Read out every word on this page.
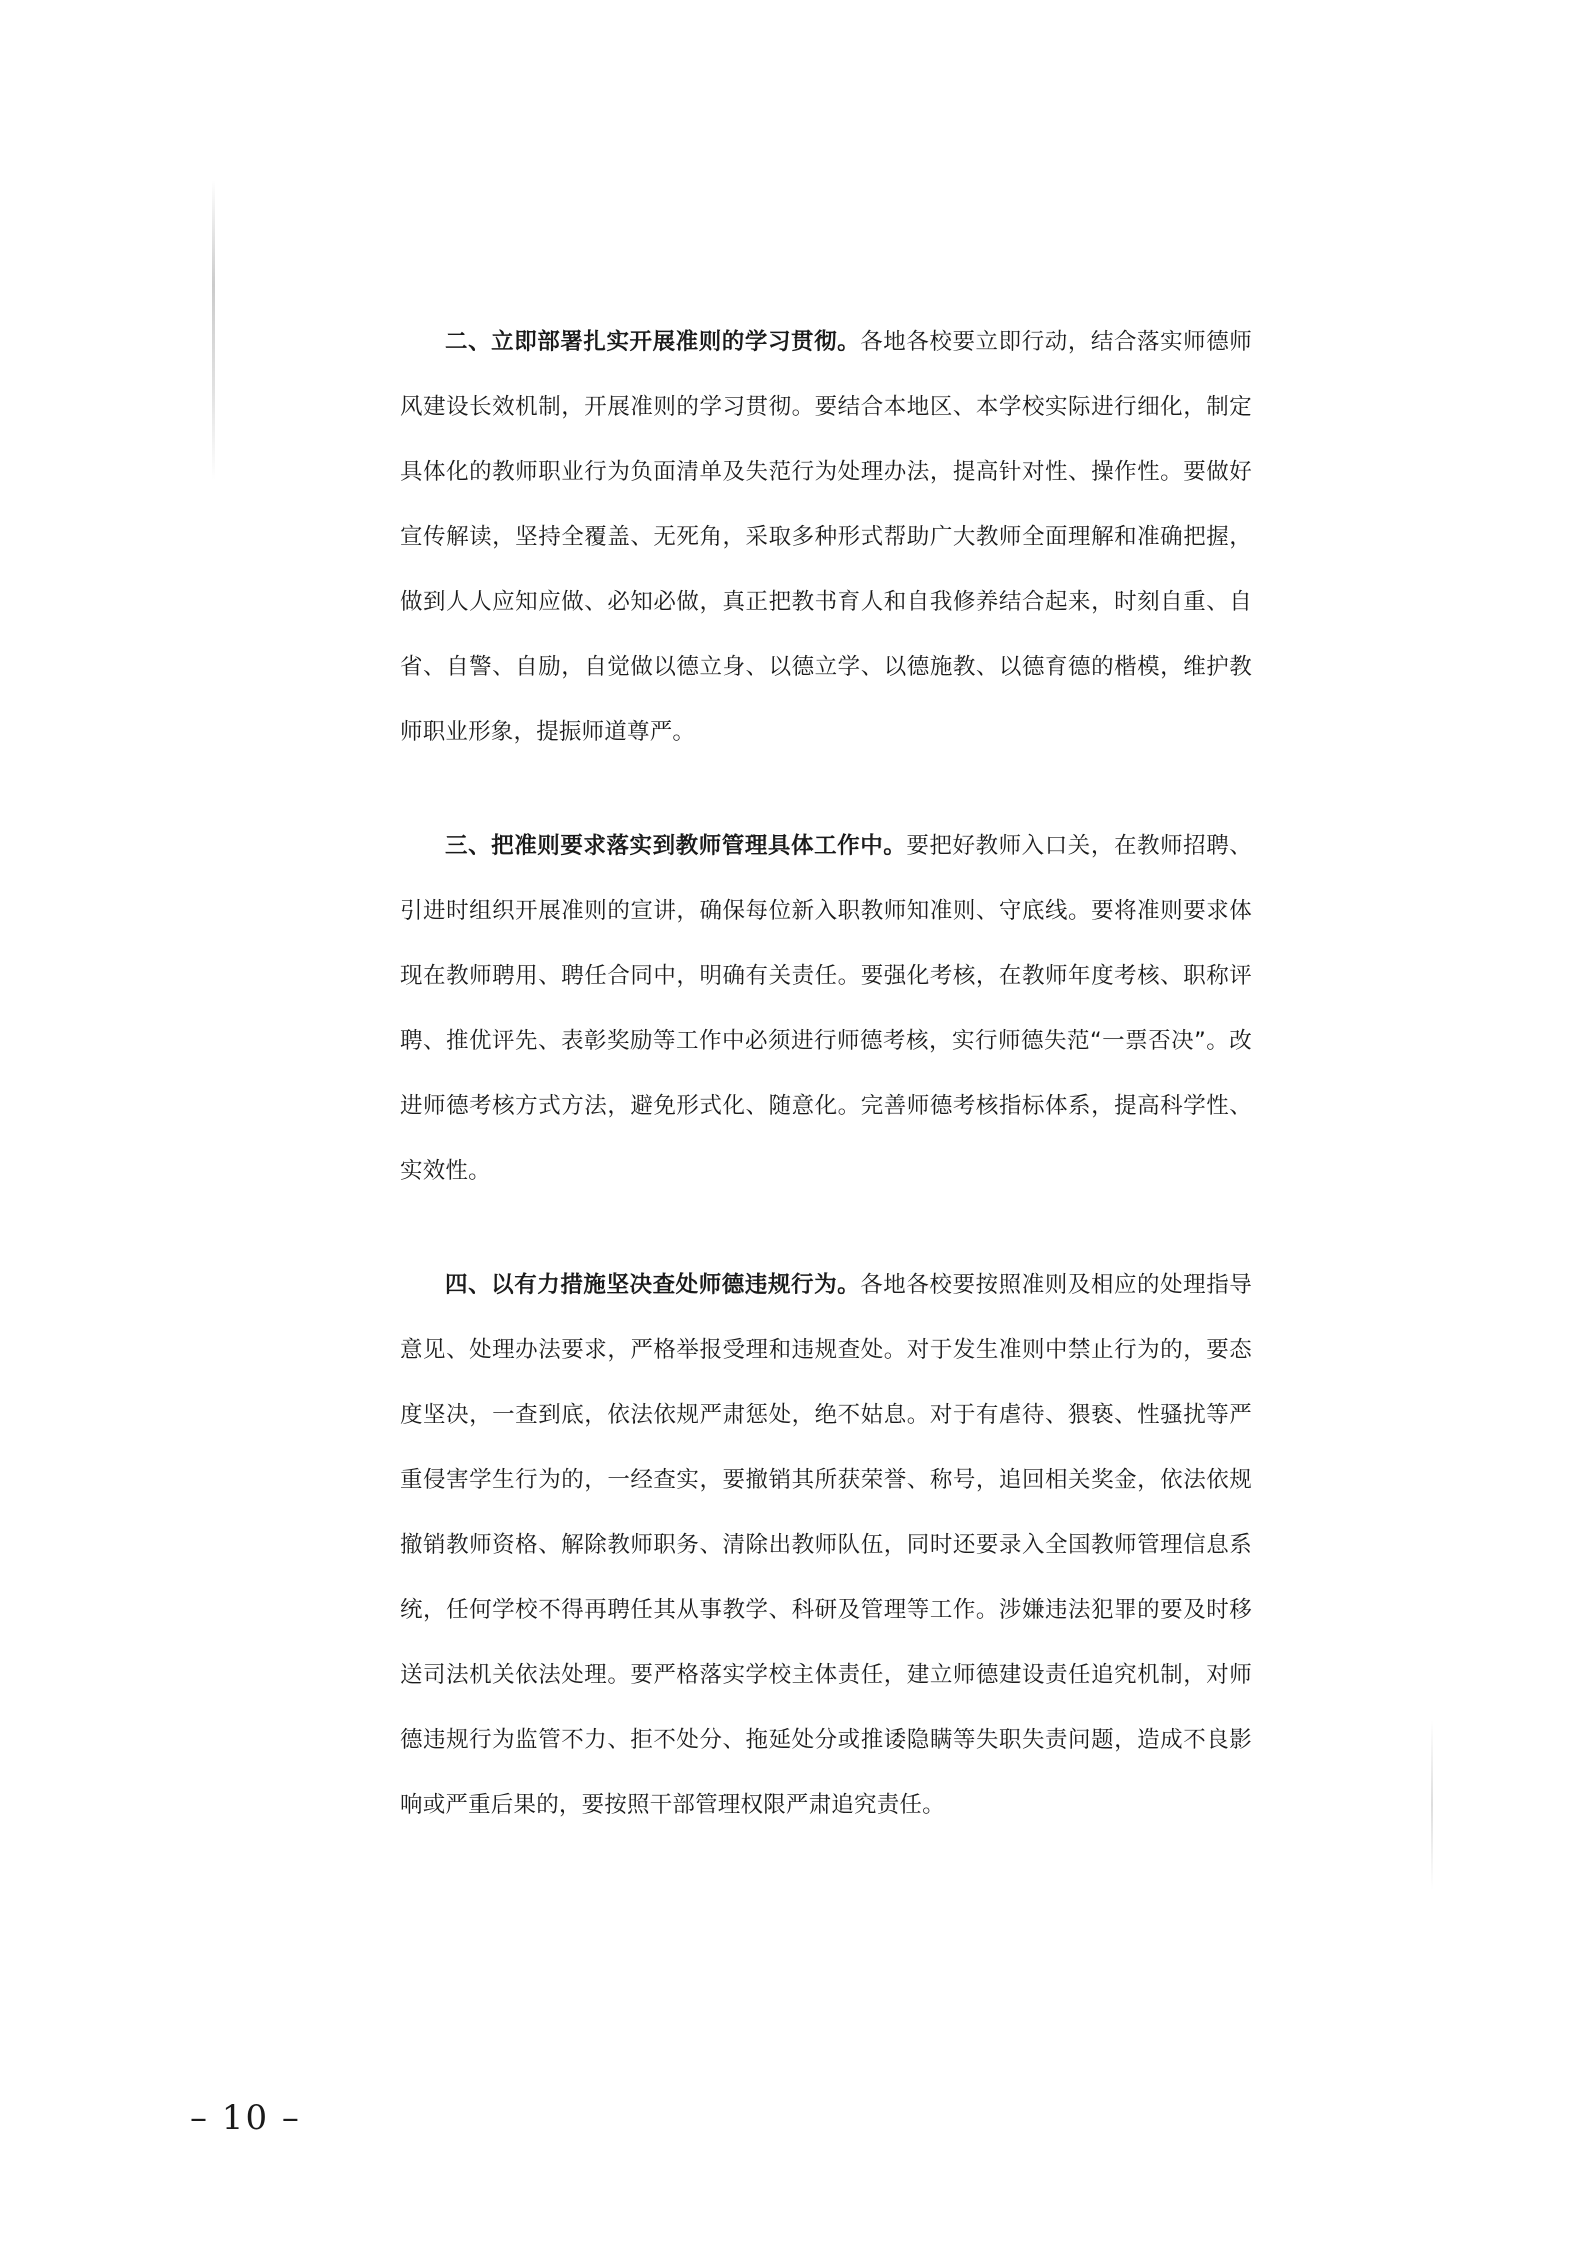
二、立即部署扎实开展准则的学习贯彻。各地各校要立即行动，结合落实师德师风建设长效机制，开展准则的学习贯彻。要结合本地区、本学校实际进行细化，制定具体化的教师职业行为负面清单及失范行为处理办法，提高针对性、操作性。要做好宣传解读，坚持全覆盖、无死角，采取多种形式帮助广大教师全面理解和准确把握，做到人人应知应做、必知必做，真正把教书育人和自我修养结合起来，时刻自重、自省、自警、自励，自觉做以德立身、以德立学、以德施教、以德育德的楷模，维护教师职业形象，提振师道尊严。

三、把准则要求落实到教师管理具体工作中。要把好教师入口关，在教师招聘、引进时组织开展准则的宣讲，确保每位新入职教师知准则、守底线。要将准则要求体现在教师聘用、聘任合同中，明确有关责任。要强化考核，在教师年度考核、职称评聘、推优评先、表彰奖励等工作中必须进行师德考核，实行师德失范“一票否决”。改进师德考核方式方法，避免形式化、随意化。完善师德考核指标体系，提高科学性、实效性。

四、以有力措施坚决查处师德违规行为。各地各校要按照准则及相应的处理指导意见、处理办法要求，严格举报受理和违规查处。对于发生准则中禁止行为的，要态度坚决，一查到底，依法依规严肃惩处，绝不姑息。对于有虐待、猥亵、性骚扰等严重侵害学生行为的，一经查实，要撤销其所获荣誉、称号，追回相关奖金，依法依规撤销教师资格、解除教师职务、清除出教师队伍，同时还要录入全国教师管理信息系统，任何学校不得再聘任其从事教学、科研及管理等工作。涉嫌违法犯罪的要及时移送司法机关依法处理。要严格落实学校主体责任，建立师德建设责任追究机制，对师德违规行为监管不力、拒不处分、拖延处分或推诿隐瞒等失职失责问题，造成不良影响或严重后果的，要按照干部管理权限严肃追究责任。

– 10 –
